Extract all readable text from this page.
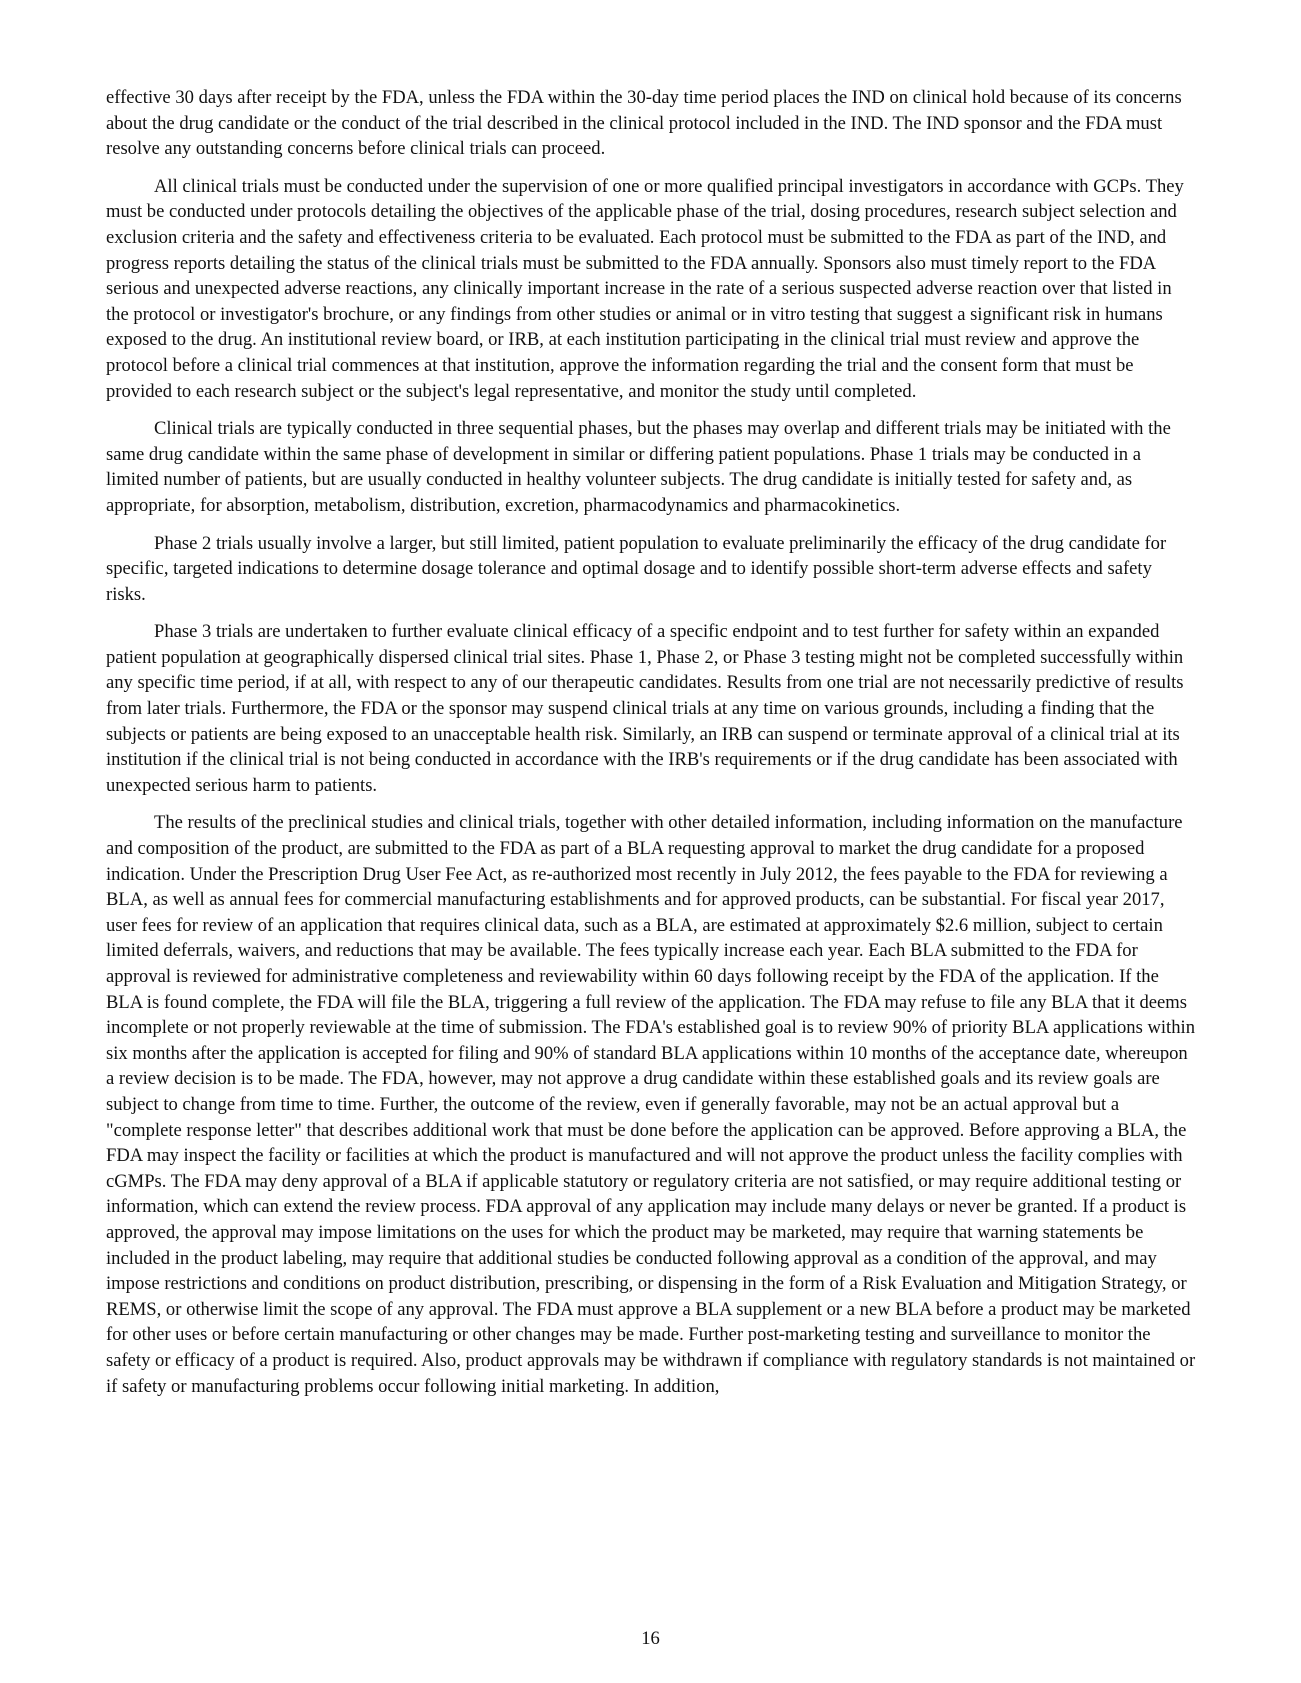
effective 30 days after receipt by the FDA, unless the FDA within the 30-day time period places the IND on clinical hold because of its concerns about the drug candidate or the conduct of the trial described in the clinical protocol included in the IND. The IND sponsor and the FDA must resolve any outstanding concerns before clinical trials can proceed.

All clinical trials must be conducted under the supervision of one or more qualified principal investigators in accordance with GCPs. They must be conducted under protocols detailing the objectives of the applicable phase of the trial, dosing procedures, research subject selection and exclusion criteria and the safety and effectiveness criteria to be evaluated. Each protocol must be submitted to the FDA as part of the IND, and progress reports detailing the status of the clinical trials must be submitted to the FDA annually. Sponsors also must timely report to the FDA serious and unexpected adverse reactions, any clinically important increase in the rate of a serious suspected adverse reaction over that listed in the protocol or investigator's brochure, or any findings from other studies or animal or in vitro testing that suggest a significant risk in humans exposed to the drug. An institutional review board, or IRB, at each institution participating in the clinical trial must review and approve the protocol before a clinical trial commences at that institution, approve the information regarding the trial and the consent form that must be provided to each research subject or the subject's legal representative, and monitor the study until completed.

Clinical trials are typically conducted in three sequential phases, but the phases may overlap and different trials may be initiated with the same drug candidate within the same phase of development in similar or differing patient populations. Phase 1 trials may be conducted in a limited number of patients, but are usually conducted in healthy volunteer subjects. The drug candidate is initially tested for safety and, as appropriate, for absorption, metabolism, distribution, excretion, pharmacodynamics and pharmacokinetics.

Phase 2 trials usually involve a larger, but still limited, patient population to evaluate preliminarily the efficacy of the drug candidate for specific, targeted indications to determine dosage tolerance and optimal dosage and to identify possible short-term adverse effects and safety risks.

Phase 3 trials are undertaken to further evaluate clinical efficacy of a specific endpoint and to test further for safety within an expanded patient population at geographically dispersed clinical trial sites. Phase 1, Phase 2, or Phase 3 testing might not be completed successfully within any specific time period, if at all, with respect to any of our therapeutic candidates. Results from one trial are not necessarily predictive of results from later trials. Furthermore, the FDA or the sponsor may suspend clinical trials at any time on various grounds, including a finding that the subjects or patients are being exposed to an unacceptable health risk. Similarly, an IRB can suspend or terminate approval of a clinical trial at its institution if the clinical trial is not being conducted in accordance with the IRB's requirements or if the drug candidate has been associated with unexpected serious harm to patients.

The results of the preclinical studies and clinical trials, together with other detailed information, including information on the manufacture and composition of the product, are submitted to the FDA as part of a BLA requesting approval to market the drug candidate for a proposed indication. Under the Prescription Drug User Fee Act, as re-authorized most recently in July 2012, the fees payable to the FDA for reviewing a BLA, as well as annual fees for commercial manufacturing establishments and for approved products, can be substantial. For fiscal year 2017, user fees for review of an application that requires clinical data, such as a BLA, are estimated at approximately $2.6 million, subject to certain limited deferrals, waivers, and reductions that may be available. The fees typically increase each year. Each BLA submitted to the FDA for approval is reviewed for administrative completeness and reviewability within 60 days following receipt by the FDA of the application. If the BLA is found complete, the FDA will file the BLA, triggering a full review of the application. The FDA may refuse to file any BLA that it deems incomplete or not properly reviewable at the time of submission. The FDA's established goal is to review 90% of priority BLA applications within six months after the application is accepted for filing and 90% of standard BLA applications within 10 months of the acceptance date, whereupon a review decision is to be made. The FDA, however, may not approve a drug candidate within these established goals and its review goals are subject to change from time to time. Further, the outcome of the review, even if generally favorable, may not be an actual approval but a "complete response letter" that describes additional work that must be done before the application can be approved. Before approving a BLA, the FDA may inspect the facility or facilities at which the product is manufactured and will not approve the product unless the facility complies with cGMPs. The FDA may deny approval of a BLA if applicable statutory or regulatory criteria are not satisfied, or may require additional testing or information, which can extend the review process. FDA approval of any application may include many delays or never be granted. If a product is approved, the approval may impose limitations on the uses for which the product may be marketed, may require that warning statements be included in the product labeling, may require that additional studies be conducted following approval as a condition of the approval, and may impose restrictions and conditions on product distribution, prescribing, or dispensing in the form of a Risk Evaluation and Mitigation Strategy, or REMS, or otherwise limit the scope of any approval. The FDA must approve a BLA supplement or a new BLA before a product may be marketed for other uses or before certain manufacturing or other changes may be made. Further post-marketing testing and surveillance to monitor the safety or efficacy of a product is required. Also, product approvals may be withdrawn if compliance with regulatory standards is not maintained or if safety or manufacturing problems occur following initial marketing. In addition,

16
